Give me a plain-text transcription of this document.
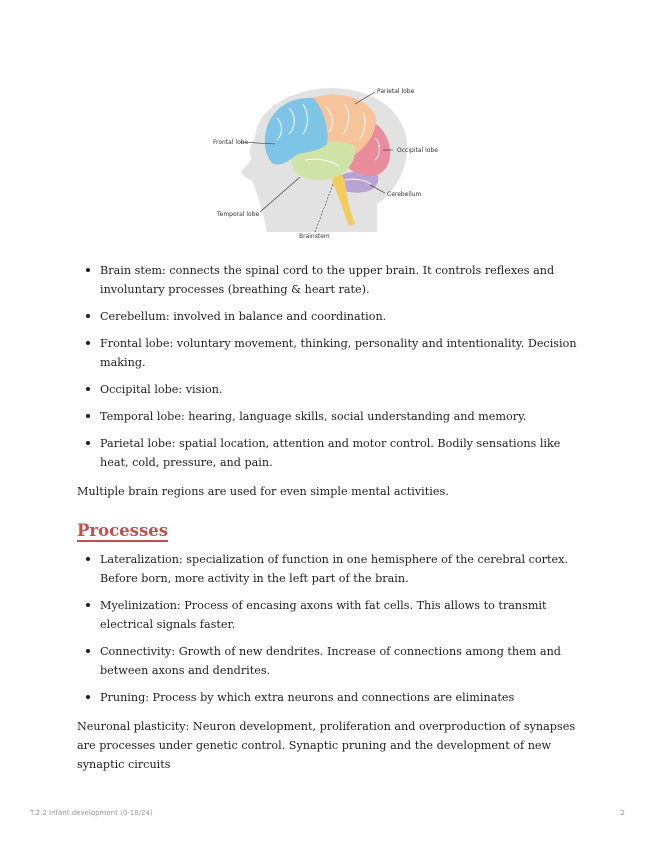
Parietal lobe
Frontal lobe
Occipital lobe
Cerebellum
Temporal lobe
Brainstem
Brain stem: connects the spinal cord to the upper brain. It controls reflexes and involuntary processes (breathing & heart rate).
Cerebellum: involved in balance and coordination.
Frontal lobe: voluntary movement, thinking, personality and intentionality. Decision making.
Occipital lobe: vision.
Temporal lobe: hearing, language skills, social understanding and memory.
Parietal lobe: spatial location, attention and motor control. Bodily sensations like heat, cold, pressure, and pain.

Multiple brain regions are used for even simple mental activities.

Processes
Lateralization: specialization of function in one hemisphere of the cerebral cortex. Before born, more activity in the left part of the brain.
Myelinization: Process of encasing axons with fat cells. This allows to transmit electrical signals faster.
Connectivity: Growth of new dendrites. Increase of connections among them and between axons and dendrites.
Pruning: Process by which extra neurons and connections are eliminates

Neuronal plasticity: Neuron development, proliferation and overproduction of synapses are processes under genetic control. Synaptic pruning and the development of new synaptic circuits

T.2.2 Infant development (0-18/24)	2
